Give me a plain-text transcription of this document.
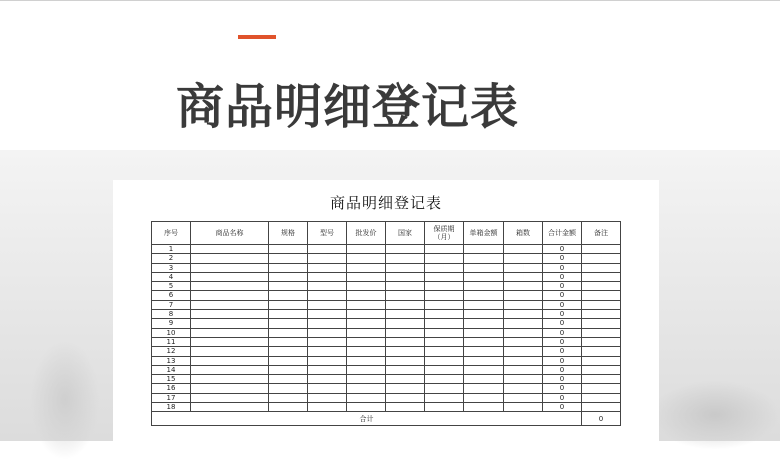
商品明细登记表
商品明细登记表
序号	商品名称	规格	型号	批发价	国家	保质期（月）	单箱金额	箱数	合计金额	备注
1									0	
2									0	
3									0	
4									0	
5									0	
6									0	
7									0	
8									0	
9									0	
10									0	
11									0	
12									0	
13									0	
14									0	
15									0	
16									0	
17									0	
18									0	
合计										0
